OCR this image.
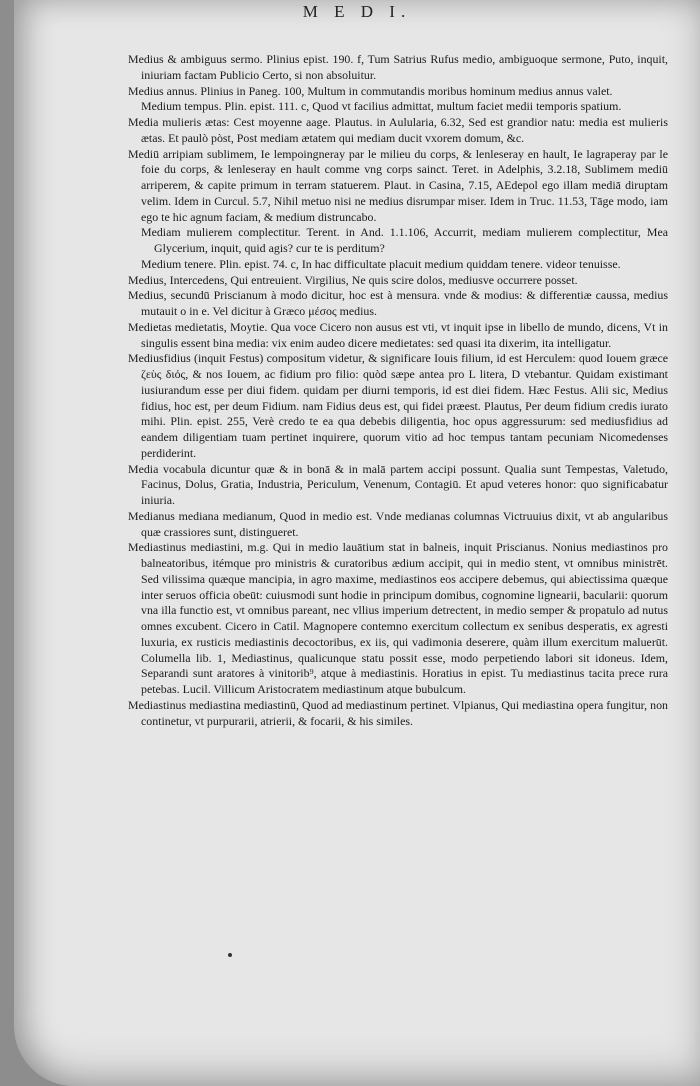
M E D I.

Medius & ambiguus sermo. Plinius epist. 190. f, Tum Satrius Rufus medio, ambiguoque sermone, Puto, inquit, iniuriam factam Publicio Certo, si non absoluitur.

Medius annus. Plinius in Paneg. 100, Multum in commutandis moribus hominum medius annus valet.

Medium tempus. Plin. epist. 111. c, Quod vt facilius admittat, multum faciet medii temporis spatium.

Media mulieris ætas: Cest moyenne aage. Plautus. in Aulularia, 6.32, Sed est grandior natu: media est mulieris ætas. Et paulò pòst, Post mediam ætatem qui mediam ducit vxorem domum, &c.

Mediū arripiam sublimem, Ie lempoingneray par le milieu du corps, & lenleseray en hault, Ie lagraperay par le foie du corps, & lenleseray en hault comme vng corps sainct. Teret. in Adelphis, 3.2.18, Sublimem mediū arriperem, & capite primum in terram statuerem. Plaut. in Casina, 7.15, AEdepol ego illam mediā diruptam velim. Idem in Curcul. 5.7, Nihil metuo nisi ne medius disrumpar miser. Idem in Truc. 11.53, Tāge modo, iam ego te hic agnum faciam, & medium distruncabo.

Mediam mulierem complectitur. Terent. in And. 1.1.106, Accurrit, mediam mulierem complectitur, Mea Glycerium, inquit, quid agis? cur te is perditum?

Medium tenere. Plin. epist. 74. c, In hac difficultate placuit medium quiddam tenere. videor tenuisse.

Medius, Intercedens, Qui entreuient. Virgilius, Ne quis scire dolos, mediusve occurrere posset.

Medius, secundū Priscianum à modo dicitur, hoc est à mensura. vnde & modius: & differentiæ caussa, medius mutauit o in e. Vel dicitur à Græco μέσος medius.

Medietas medietatis, Moytie. Qua voce Cicero non ausus est vti, vt inquit ipse in libello de mundo, dicens, Vt in singulis essent bina media: vix enim audeo dicere medietates: sed quasi ita dixerim, ita intelligatur.

Mediusfidius (inquit Festus) compositum videtur, & significare Iouis filium, id est Herculem: quod Iouem græce ζεὺς διός, & nos Iouem, ac fidium pro filio: quòd sæpe antea pro L litera, D vtebantur. Quidam existimant iusiurandum esse per diui fidem. quidam per diurni temporis, id est diei fidem. Hæc Festus. Alii sic, Medius fidius, hoc est, per deum Fidium. nam Fidius deus est, qui fidei præest. Plautus, Per deum fidium credis iurato mihi. Plin. epist. 255, Verè credo te ea qua debebis diligentia, hoc opus aggressurum: sed mediusfidius ad eandem diligentiam tuam pertinet inquirere, quorum vitio ad hoc tempus tantam pecuniam Nicomedenses perdiderint.

Media vocabula dicuntur quæ & in bonā & in malā partem accipi possunt. Qualia sunt Tempestas, Valetudo, Facinus, Dolus, Gratia, Industria, Periculum, Venenum, Contagiū. Et apud veteres honor: quo significabatur iniuria.

Medianus mediana medianum, Quod in medio est. Vnde medianas columnas Victruuius dixit, vt ab angularibus quæ crassiores sunt, distingueret.

Mediastinus mediastini, m.g. Qui in medio lauātium stat in balneis, inquit Priscianus. Nonius mediastinos pro balneatoribus, itémque pro ministris & curatoribus ædium accipit, qui in medio stent, vt omnibus ministrēt. Sed vilissima quæque mancipia, in agro maxime, mediastinos eos accipere debemus, qui abiectissima quæque inter seruos officia obeūt: cuiusmodi sunt hodie in principum domibus, cognomine lignearii, bacularii: quorum vna illa functio est, vt omnibus pareant, nec vllius imperium detrectent, in medio semper & propatulo ad nutus omnes excubent. Cicero in Catil. Magnopere contemno exercitum collectum ex senibus desperatis, ex agresti luxuria, ex rusticis mediastinis decoctoribus, ex iis, qui vadimonia deserere, quàm illum exercitum maluerūt. Columella lib. 1, Mediastinus, qualicunque statu possit esse, modo perpetiendo labori sit idoneus. Idem, Separandi sunt aratores à vinitorib⁹, atque à mediastinis. Horatius in epist. Tu mediastinus tacita prece rura petebas. Lucil. Villicum Aristocratem mediastinum atque bubulcum.

Mediastinus mediastina mediastinū, Quod ad mediastinum pertinet. Vlpianus, Qui mediastina opera fungitur, non continetur, vt purpurarii, atrierii, & focarii, & his similes.
